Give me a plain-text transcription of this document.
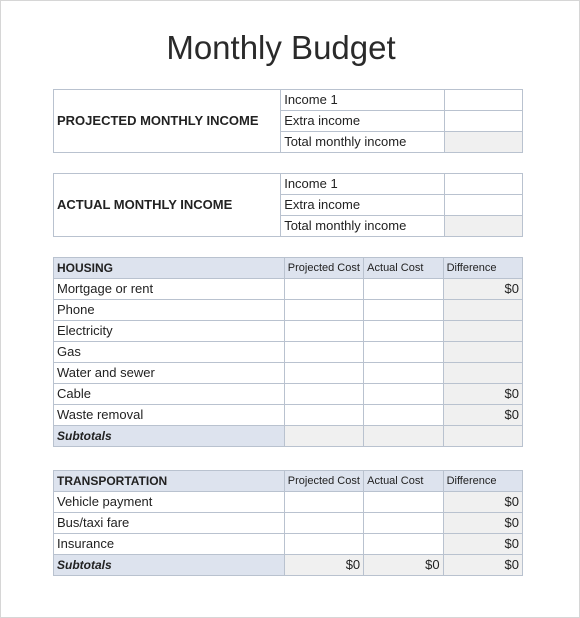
Monthly Budget
PROJECTED MONTHLY INCOME	Income 1	
	Extra income	
	Total monthly income	
ACTUAL MONTHLY INCOME	Income 1	
	Extra income	
	Total monthly income	
HOUSING	Projected Cost	Actual Cost	Difference
Mortgage or rent			$0
Phone			
Electricity			
Gas			
Water and sewer			
Cable			$0
Waste removal			$0
Subtotals			
TRANSPORTATION	Projected Cost	Actual Cost	Difference
Vehicle payment			$0
Bus/taxi fare			$0
Insurance			$0
Subtotals	$0	$0	$0
